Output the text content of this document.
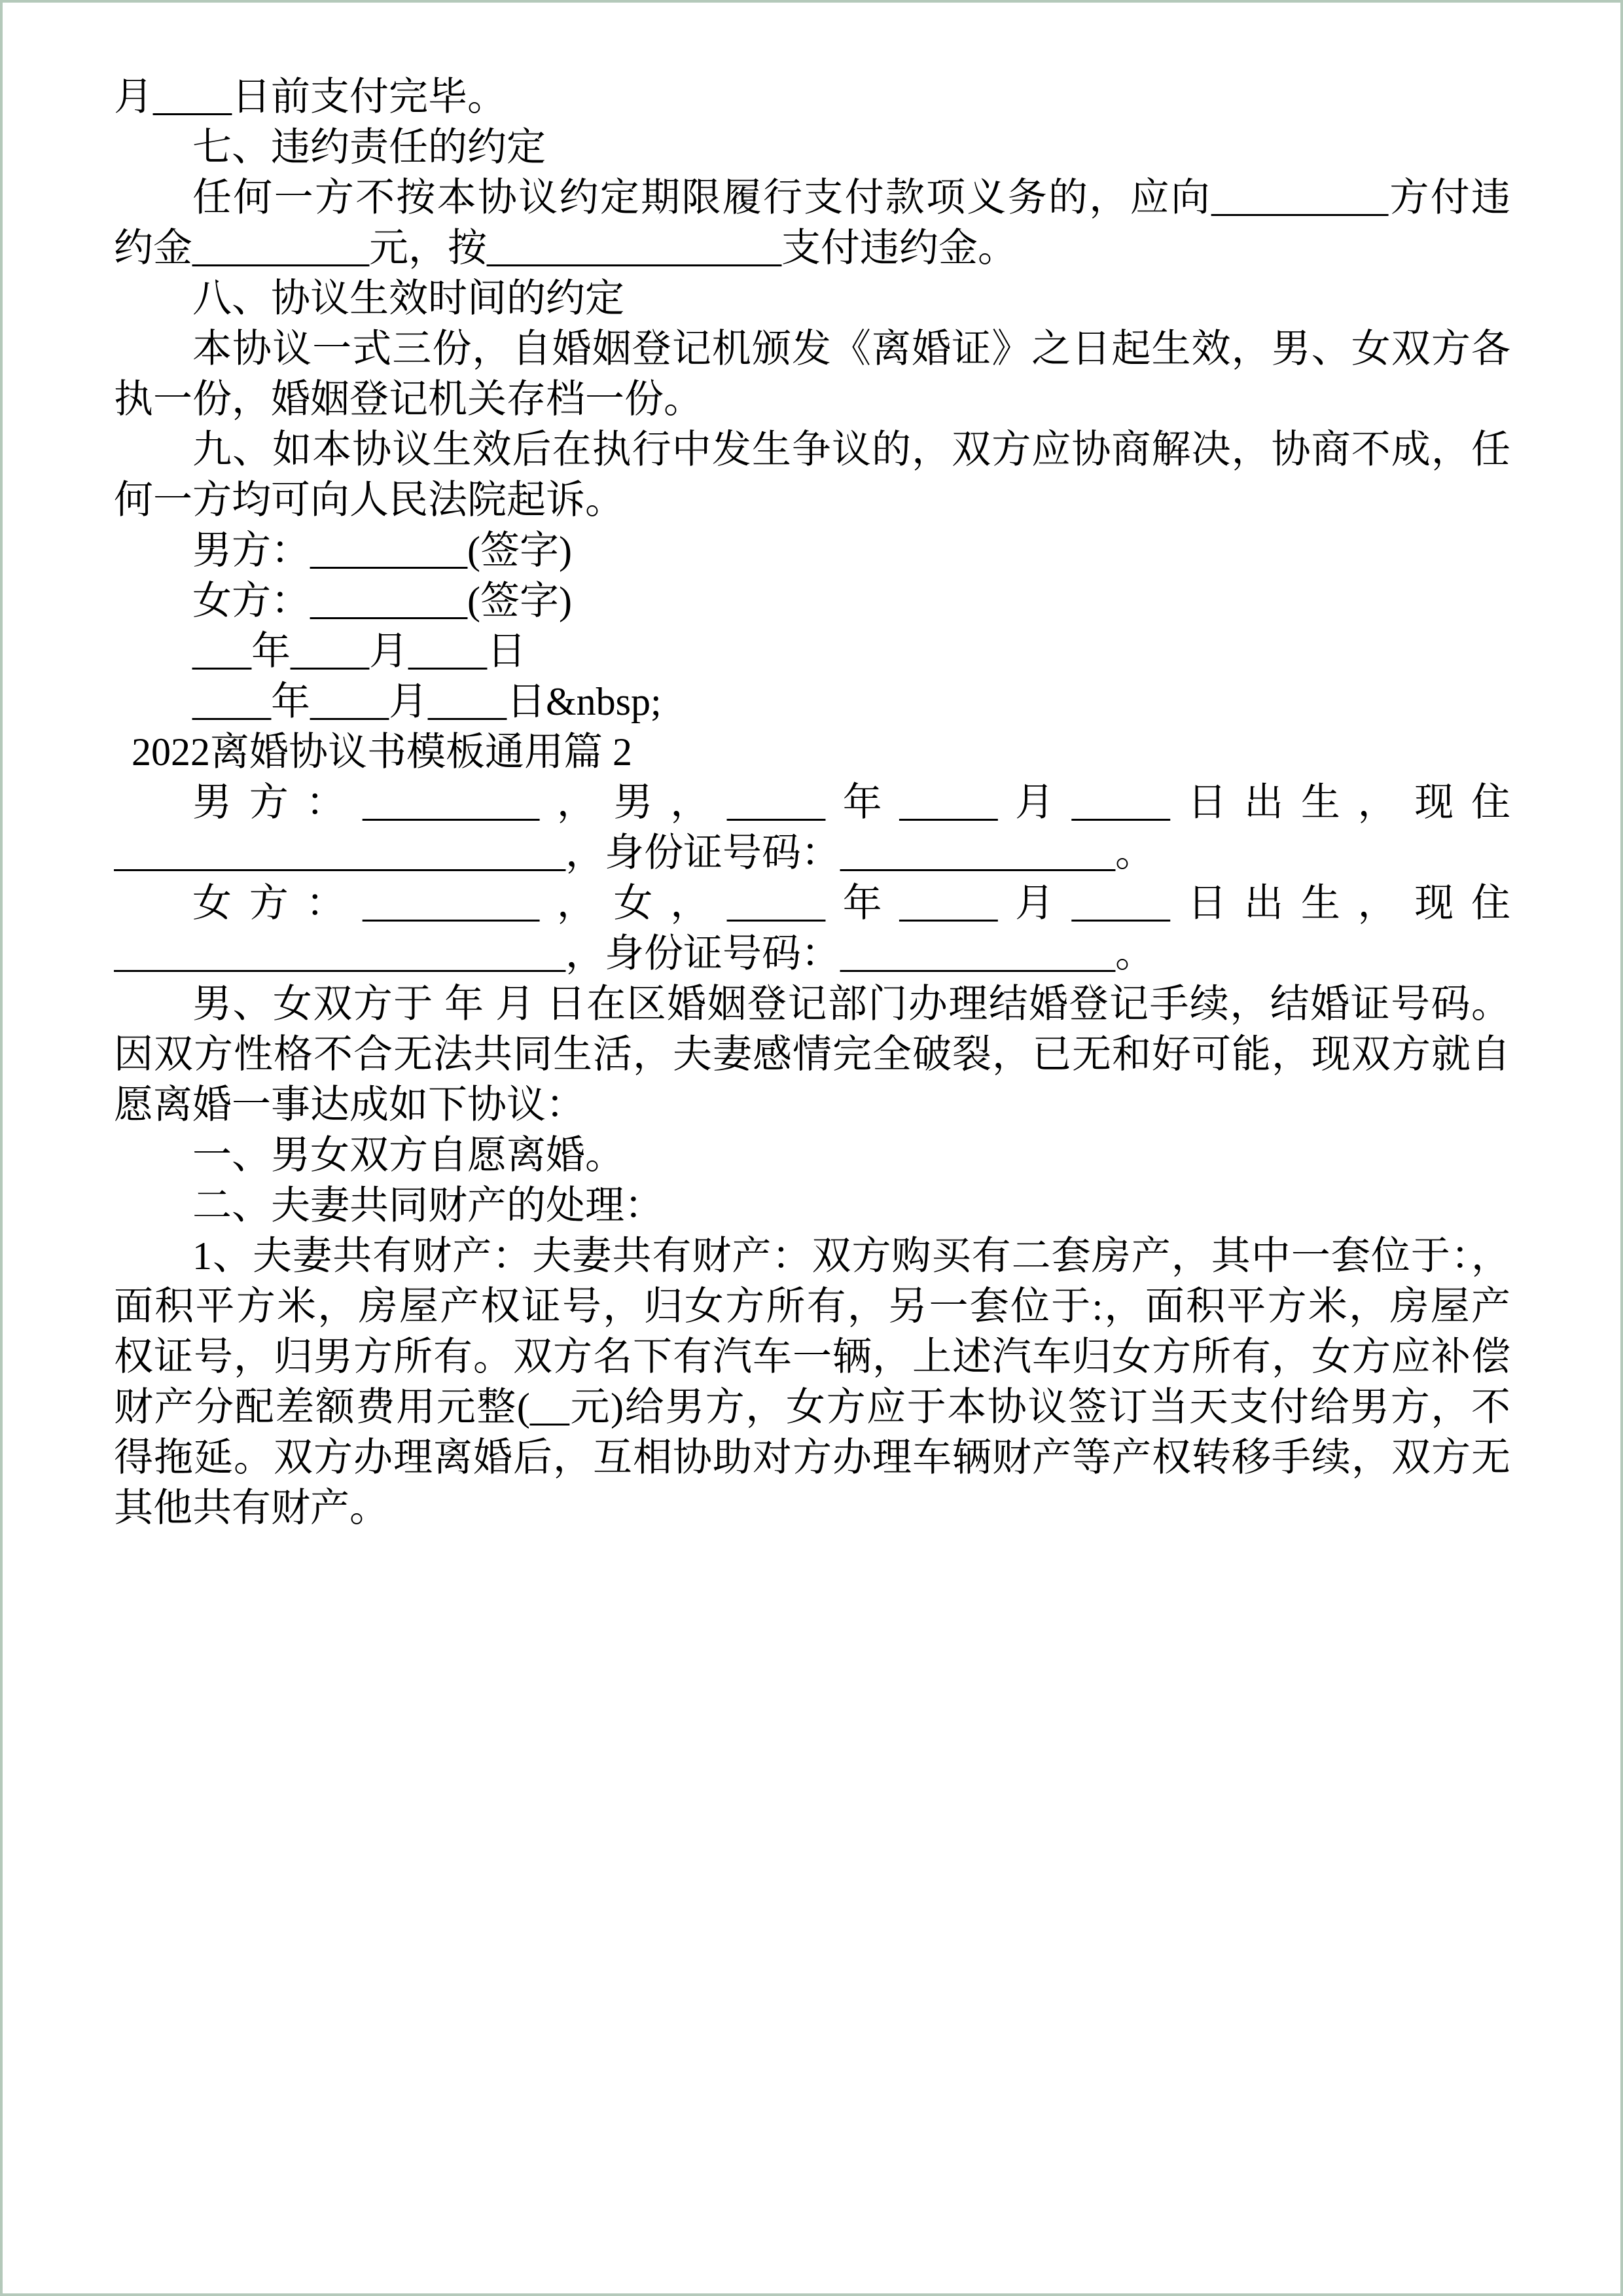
月____日前支付完毕。
七、违约责任的约定
任何一方不按本协议约定期限履行支付款项义务的，应向_________方付违
约金_________元，按_______________支付违约金。
八、协议生效时间的约定
本协议一式三份，自婚姻登记机颁发《离婚证》之日起生效，男、女双方各
执一份，婚姻登记机关存档一份。
九、如本协议生效后在执行中发生争议的，双方应协商解决，协商不成，任
何一方均可向人民法院起诉。
男方：________(签字)
女方：________(签字)
___年____月____日
____年____月____日&nbsp;
2022离婚协议书模板通用篇 2
男方：_________，男，_____年_____月_____日出生，现住
_______________________，身份证号码：______________。
女方：_________，女，_____年_____月_____日出生，现住
_______________________，身份证号码：______________。
男、女双方于 年 月 日在区婚姻登记部门办理结婚登记手续，结婚证号码。
因双方性格不合无法共同生活，夫妻感情完全破裂，已无和好可能，现双方就自
愿离婚一事达成如下协议：
一、男女双方自愿离婚。
二、夫妻共同财产的处理：
1、夫妻共有财产：夫妻共有财产：双方购买有二套房产，其中一套位于：，
面积平方米，房屋产权证号，归女方所有，另一套位于:，面积平方米，房屋产
权证号，归男方所有。双方名下有汽车一辆，上述汽车归女方所有，女方应补偿
财产分配差额费用元整(__元)给男方，女方应于本协议签订当天支付给男方，不
得拖延。双方办理离婚后，互相协助对方办理车辆财产等产权转移手续，双方无
其他共有财产。
